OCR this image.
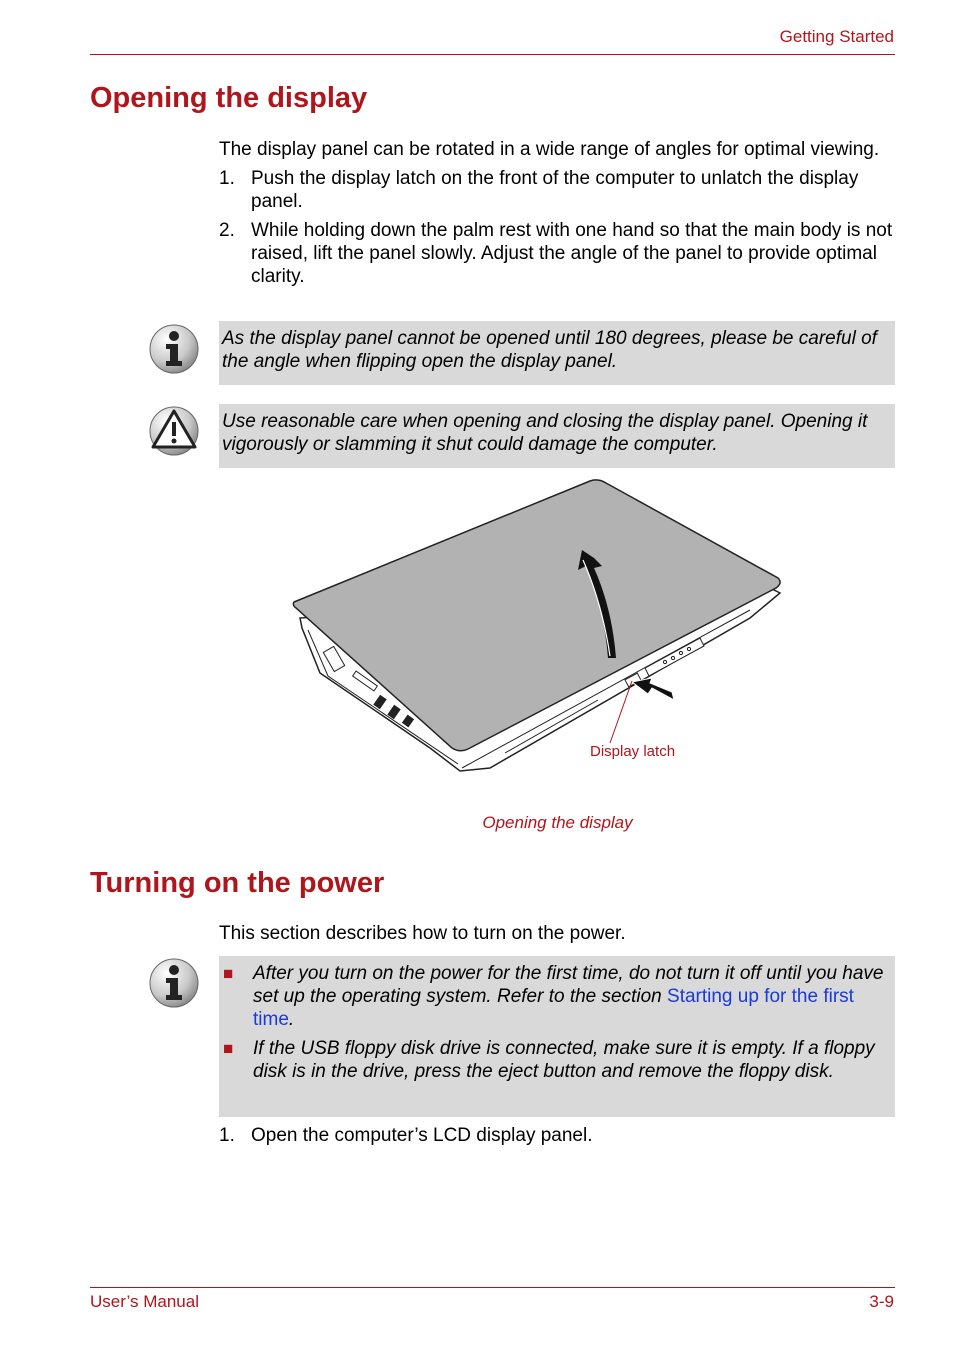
Getting Started
Opening the display
The display panel can be rotated in a wide range of angles for optimal viewing.
1. Push the display latch on the front of the computer to unlatch the display panel.
2. While holding down the palm rest with one hand so that the main body is not raised, lift the panel slowly. Adjust the angle of the panel to provide optimal clarity.
As the display panel cannot be opened until 180 degrees, please be careful of the angle when flipping open the display panel.
Use reasonable care when opening and closing the display panel. Opening it vigorously or slamming it shut could damage the computer.
Display latch
Opening the display
Turning on the power
This section describes how to turn on the power.
■	After you turn on the power for the first time, do not turn it off until you have set up the operating system. Refer to the section Starting up for the first time.
■	If the USB floppy disk drive is connected, make sure it is empty. If a floppy disk is in the drive, press the eject button and remove the floppy disk.
1. Open the computer’s LCD display panel.
User’s Manual	3-9
